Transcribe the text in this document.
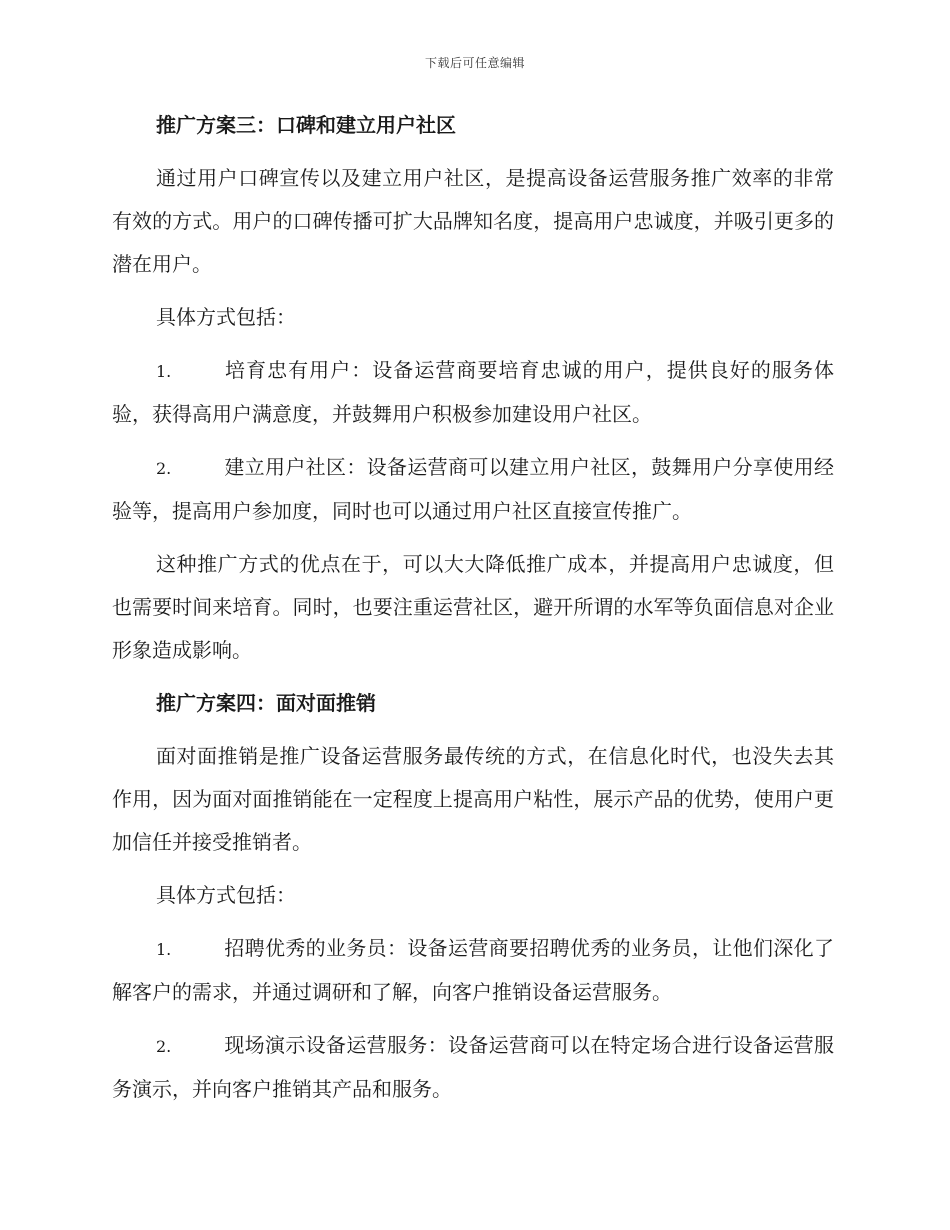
下载后可任意编辑
推广方案三：口碑和建立用户社区
通过用户口碑宣传以及建立用户社区，是提高设备运营服务推广效率的非常有效的方式。用户的口碑传播可扩大品牌知名度，提高用户忠诚度，并吸引更多的潜在用户。
具体方式包括：
1.	培育忠有用户：设备运营商要培育忠诚的用户，提供良好的服务体验，获得高用户满意度，并鼓舞用户积极参加建设用户社区。
2.	建立用户社区：设备运营商可以建立用户社区，鼓舞用户分享使用经验等，提高用户参加度，同时也可以通过用户社区直接宣传推广。
这种推广方式的优点在于，可以大大降低推广成本，并提高用户忠诚度，但也需要时间来培育。同时，也要注重运营社区，避开所谓的水军等负面信息对企业形象造成影响。
推广方案四：面对面推销
面对面推销是推广设备运营服务最传统的方式，在信息化时代，也没失去其作用，因为面对面推销能在一定程度上提高用户粘性，展示产品的优势，使用户更加信任并接受推销者。
具体方式包括：
1.	招聘优秀的业务员：设备运营商要招聘优秀的业务员，让他们深化了解客户的需求，并通过调研和了解，向客户推销设备运营服务。
2.	现场演示设备运营服务：设备运营商可以在特定场合进行设备运营服务演示，并向客户推销其产品和服务。
